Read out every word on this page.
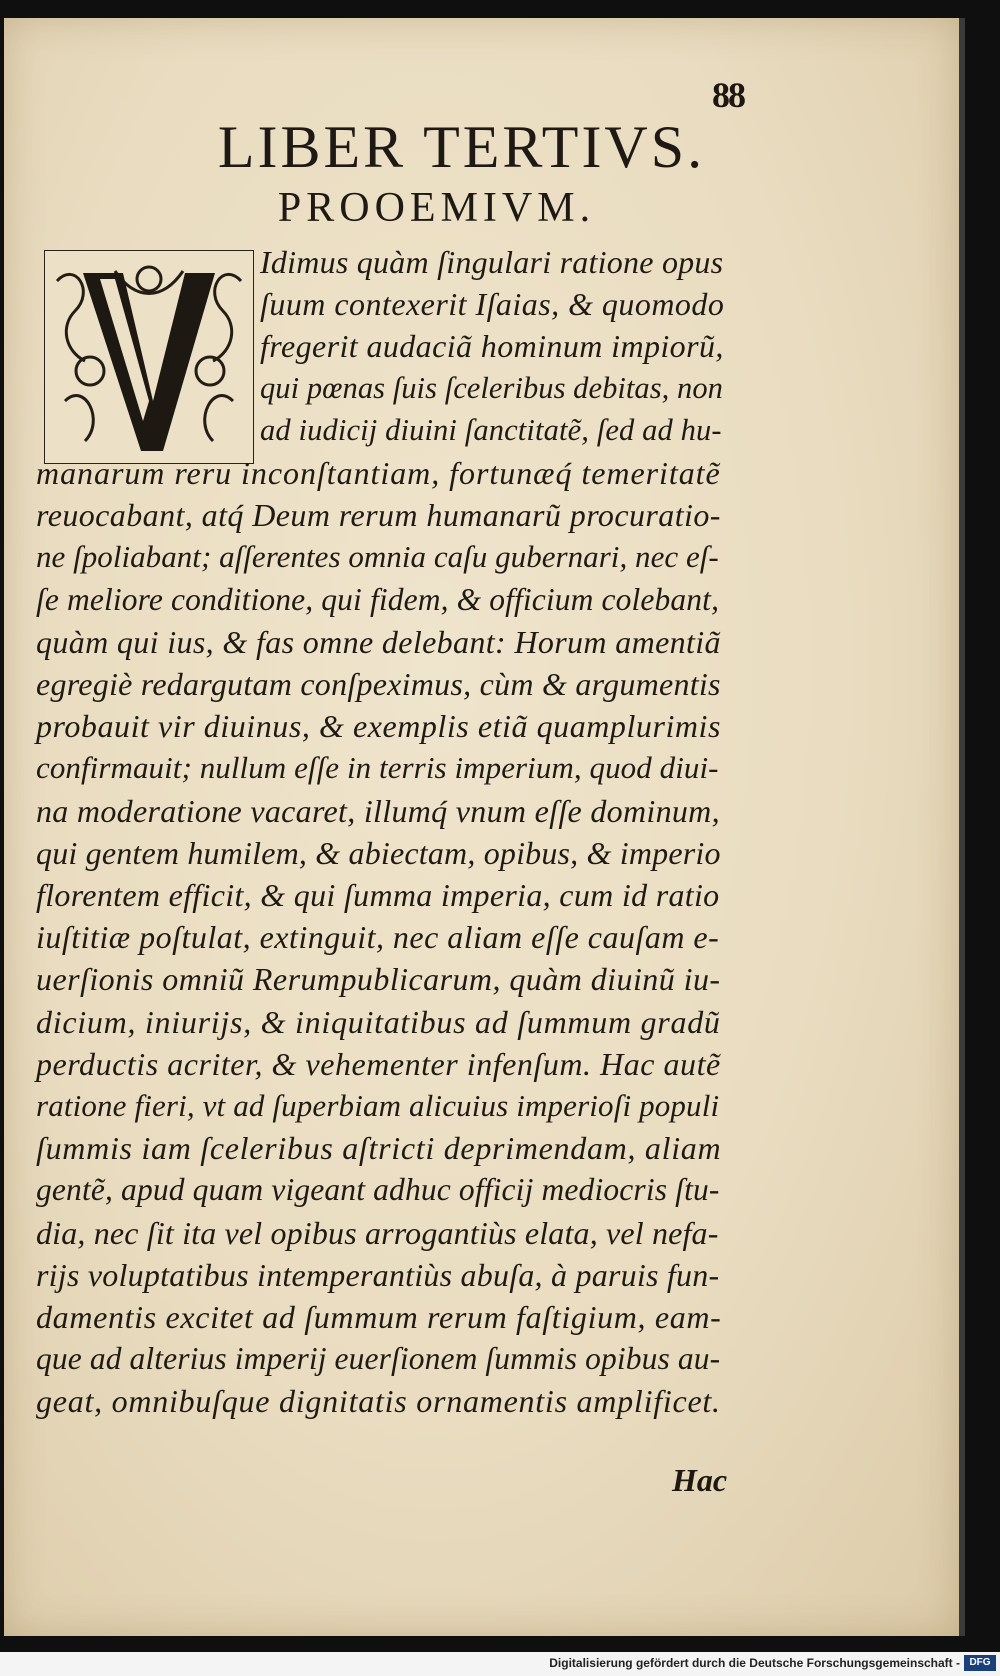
88
LIBER TERTIVS.
PROOEMIVM.
Idimus quàm ſingulari ratione opus
ſuum contexerit Iſaias, & quomodo
fregerit audaciã hominum impiorũ,
qui pœnas ſuis ſceleribus debitas, non
ad iudicij diuini ſanctitatẽ, ſed ad hu-
manarum reru inconſtantiam, fortunæq́ temeritatẽ
reuocabant, atq́ Deum rerum humanarũ procuratio-
ne ſpoliabant; aſſerentes omnia caſu gubernari, nec eſ-
ſe meliore conditione, qui fidem, & officium colebant,
quàm qui ius, & fas omne delebant: Horum amentiã
egregiè redargutam conſpeximus, cùm & argumentis
probauit vir diuinus, & exemplis etiã quamplurimis
confirmauit; nullum eſſe in terris imperium, quod diui-
na moderatione vacaret, illumq́ vnum eſſe dominum,
qui gentem humilem, & abiectam, opibus, & imperio
florentem efficit, & qui ſumma imperia, cum id ratio
iuſtitiæ poſtulat, extinguit, nec aliam eſſe cauſam e-
uerſionis omniũ Rerumpublicarum, quàm diuinũ iu-
dicium, iniurijs, & iniquitatibus ad ſummum gradũ
perductis acriter, & vehementer infenſum. Hac autẽ
ratione fieri, vt ad ſuperbiam alicuius imperioſi populi
ſummis iam ſceleribus aſtricti deprimendam, aliam
gentẽ, apud quam vigeant adhuc officij mediocris ſtu-
dia, nec ſit ita vel opibus arrogantiùs elata, vel nefa-
rijs voluptatibus intemperantiùs abuſa, à paruis fun-
damentis excitet ad ſummum rerum faſtigium, eam-
que ad alterius imperij euerſionem ſummis opibus au-
geat, omnibuſque dignitatis ornamentis amplificet.
Hac
Digitalisierung gefördert durch die Deutsche Forschungsgemeinschaft - DFG
